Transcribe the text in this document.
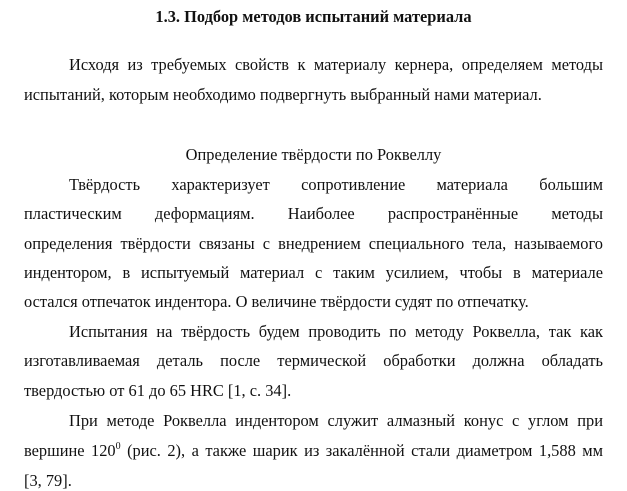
1.3. Подбор методов испытаний материала
Исходя из требуемых свойств к материалу кернера, определяем методы
испытаний, которым необходимо подвергнуть выбранный нами материал.
Определение твёрдости по Роквеллу
Твёрдость характеризует сопротивление материала большим
пластическим деформациям. Наиболее распространённые методы
определения твёрдости связаны с внедрением специального тела, называемого
индентором, в испытуемый материал с таким усилием, чтобы в материале
остался отпечаток индентора. О величине твёрдости судят по отпечатку.
Испытания на твёрдость будем проводить по методу Роквелла, так как
изготавливаемая деталь после термической обработки должна обладать
твердостью от 61 до 65 HRC [1, с. 34].
При методе Роквелла индентором служит алмазный конус с углом при
вершине $120^0$ (рис. 2), а также шарик из закалённой стали диаметром 1,588 мм
[3, 79].
